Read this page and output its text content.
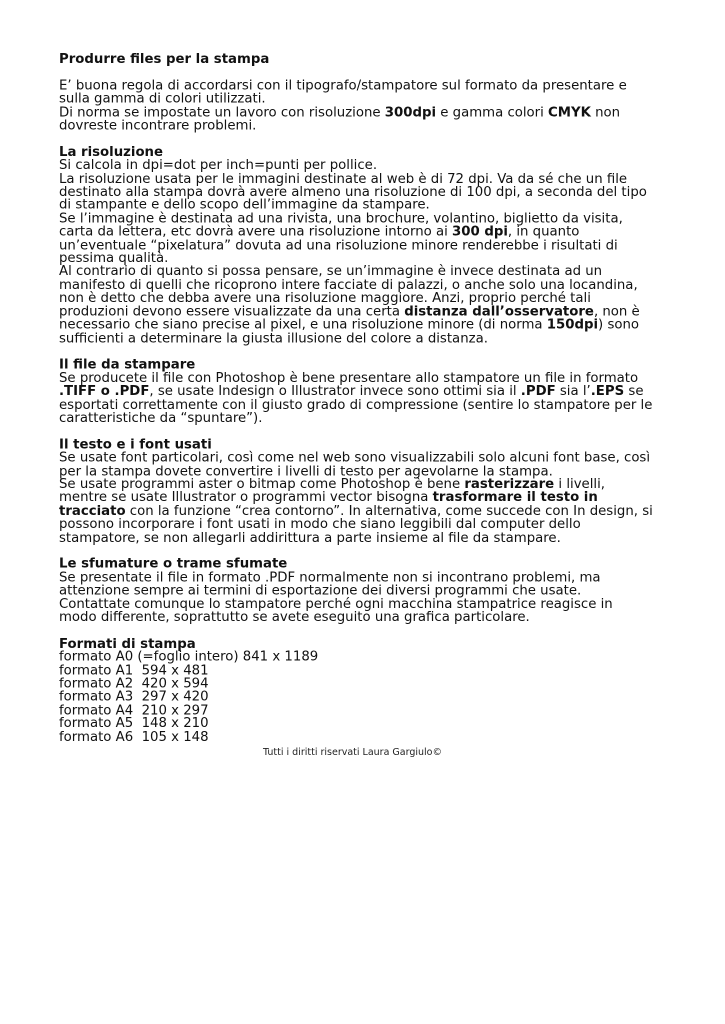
Produrre files per la stampa

E’ buona regola di accordarsi con il tipografo/stampatore sul formato da presentare e sulla gamma di colori utilizzati.

Di norma se impostate un lavoro con risoluzione 300dpi e gamma colori CMYK non dovreste incontrare problemi.

La risoluzione

Si calcola in dpi=dot per inch=punti per pollice.

La risoluzione usata per le immagini destinate al web è di 72 dpi. Va da sé che un file destinato alla stampa dovrà avere almeno una risoluzione di 100 dpi, a seconda del tipo di stampante e dello scopo dell’immagine da stampare.

Se l’immagine è destinata ad una rivista, una brochure, volantino, biglietto da visita, carta da lettera, etc dovrà avere una risoluzione intorno ai 300 dpi, in quanto un’eventuale “pixelatura” dovuta ad una risoluzione minore renderebbe i risultati di pessima qualità.

Al contrario di quanto si possa pensare, se un’immagine è invece destinata ad un manifesto di quelli che ricoprono intere facciate di palazzi, o anche solo una locandina, non è detto che debba avere una risoluzione maggiore. Anzi, proprio perché tali produzioni devono essere visualizzate da una certa distanza dall’osservatore, non è necessario che siano precise al pixel, e una risoluzione minore (di norma 150dpi) sono sufficienti a determinare la giusta illusione del colore a distanza.

Il file da stampare

Se producete il file con Photoshop è bene presentare allo stampatore un file in formato .TIFF o .PDF, se usate Indesign o Illustrator invece sono ottimi sia il .PDF sia l’.EPS se esportati correttamente con il giusto grado di compressione (sentire lo stampatore per le caratteristiche da “spuntare”).

Il testo e i font usati

Se usate font particolari, così come nel web sono visualizzabili solo alcuni font base, così per la stampa dovete convertire i livelli di testo per agevolarne la stampa.

Se usate programmi aster o bitmap come Photoshop è bene rasterizzare i livelli, mentre se usate Illustrator o programmi vector bisogna trasformare il testo in tracciato con la funzione “crea contorno”. In alternativa, come succede con In design, si possono incorporare i font usati in modo che siano leggibili dal computer dello stampatore, se non allegarli addirittura a parte insieme al file da stampare.

Le sfumature o trame sfumate

Se presentate il file in formato .PDF normalmente non si incontrano problemi, ma attenzione sempre ai termini di esportazione dei diversi programmi che usate.

Contattate comunque lo stampatore perché ogni macchina stampatrice reagisce in modo differente, soprattutto se avete eseguito una grafica particolare.

Formati di stampa

formato A0 (=foglio intero) 841 x 1189
formato A1  594 x 481
formato A2  420 x 594
formato A3  297 x 420
formato A4  210 x 297
formato A5  148 x 210
formato A6  105 x 148
Tutti i diritti riservati Laura Gargiulo©
